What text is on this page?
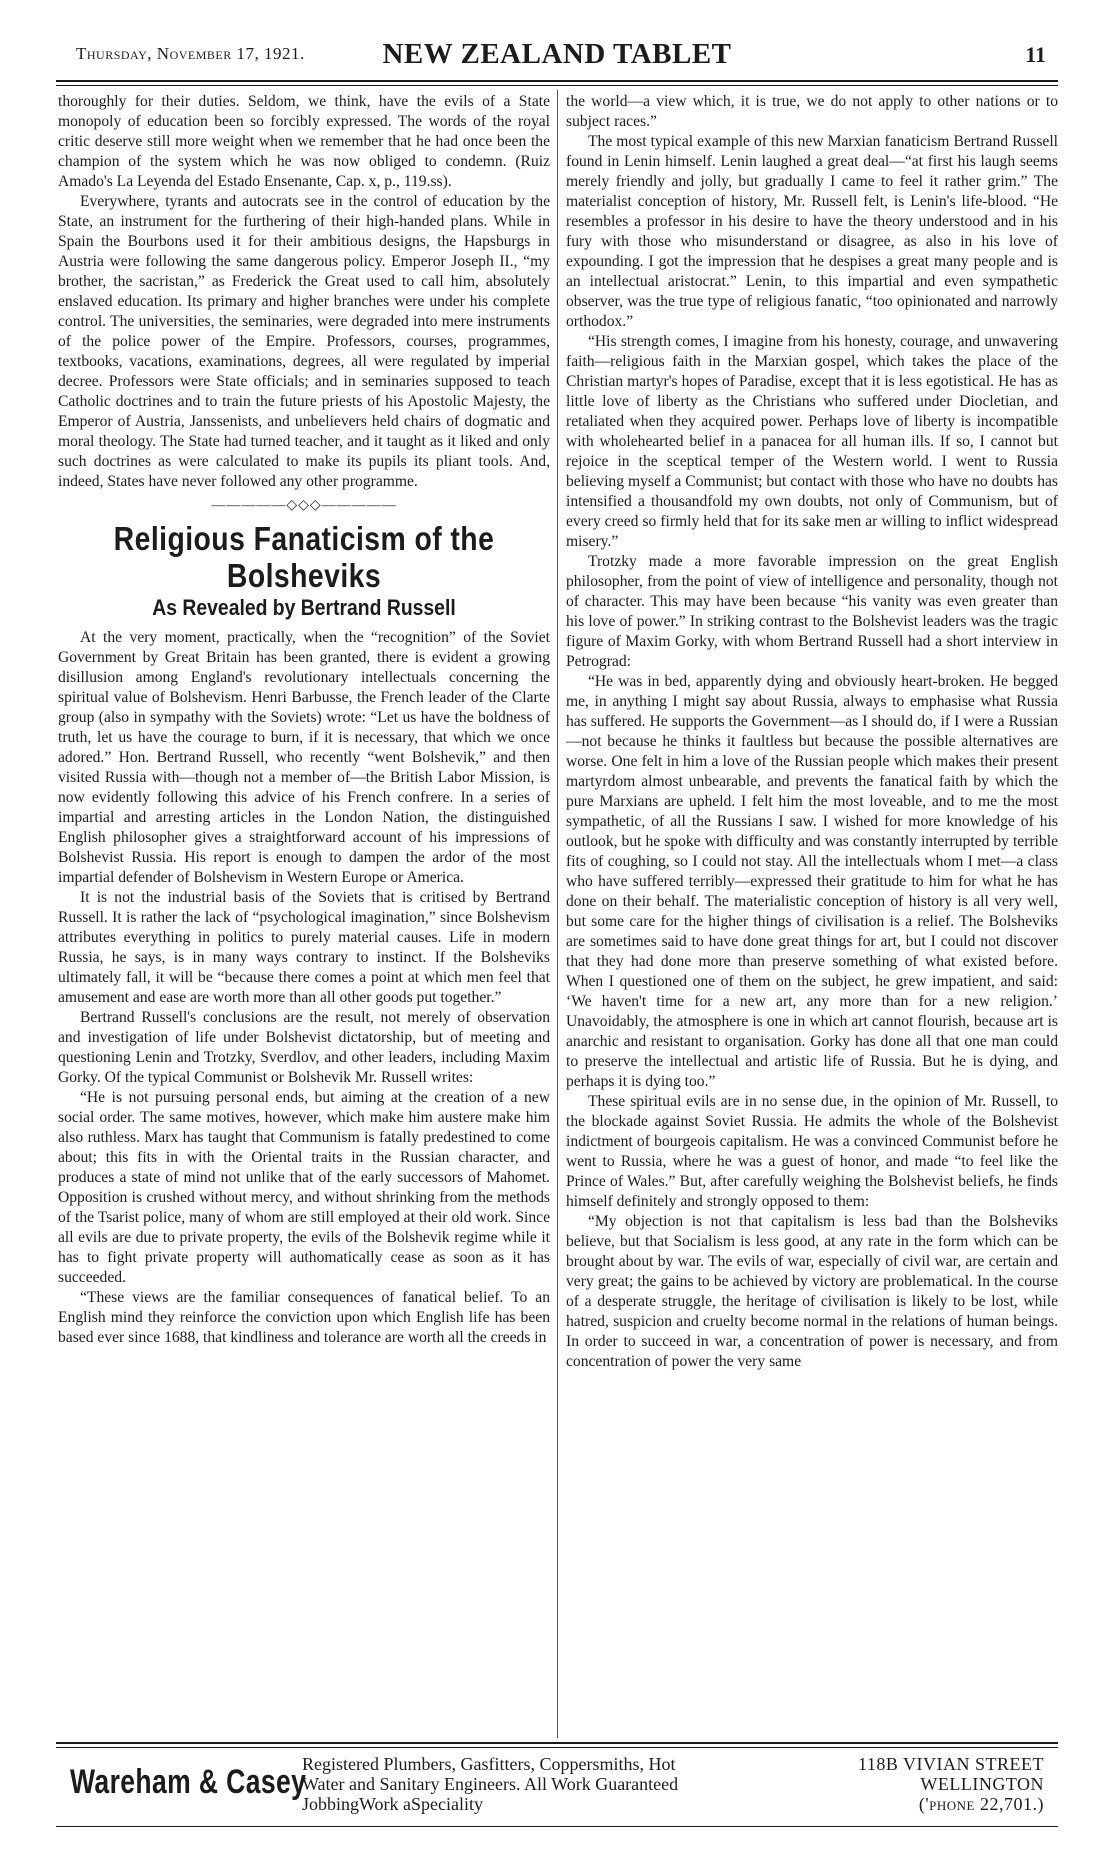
Thursday, November 17, 1921.	NEW ZEALAND TABLET	11

thoroughly for their duties. Seldom, we think, have the evils of a State monopoly of education been so forcibly expressed. The words of the royal critic deserve still more weight when we remember that he had once been the champion of the system which he was now obliged to condemn. (Ruiz Amado's La Leyenda del Estado Ensenante, Cap. x, p., 119.ss).

Everywhere, tyrants and autocrats see in the control of education by the State, an instrument for the furthering of their high-handed plans. While in Spain the Bourbons used it for their ambitious designs, the Hapsburgs in Austria were following the same dangerous policy. Emperor Joseph II., “my brother, the sacristan,” as Frederick the Great used to call him, absolutely enslaved education. Its primary and higher branches were under his complete control. The universities, the seminaries, were degraded into mere instruments of the police power of the Empire. Professors, courses, programmes, textbooks, vacations, examinations, degrees, all were regulated by imperial decree. Professors were State officials; and in seminaries supposed to teach Catholic doctrines and to train the future priests of his Apostolic Majesty, the Emperor of Austria, Janssenists, and unbelievers held chairs of dogmatic and moral theology. The State had turned teacher, and it taught as it liked and only such doctrines as were calculated to make its pupils its pliant tools. And, indeed, States have never followed any other programme.

—————◇◇◇—————
Religious Fanaticism of the Bolsheviks
As Revealed by Bertrand Russell

At the very moment, practically, when the “recognition” of the Soviet Government by Great Britain has been granted, there is evident a growing disillusion among England's revolutionary intellectuals concerning the spiritual value of Bolshevism. Henri Barbusse, the French leader of the Clarte group (also in sympathy with the Soviets) wrote: “Let us have the boldness of truth, let us have the courage to burn, if it is necessary, that which we once adored.” Hon. Bertrand Russell, who recently “went Bolshevik,” and then visited Russia with—though not a member of—the British Labor Mission, is now evidently following this advice of his French confrere. In a series of impartial and arresting articles in the London Nation, the distinguished English philosopher gives a straightforward account of his impressions of Bolshevist Russia. His report is enough to dampen the ardor of the most impartial defender of Bolshevism in Western Europe or America.

It is not the industrial basis of the Soviets that is critised by Bertrand Russell. It is rather the lack of “psychological imagination,” since Bolshevism attributes everything in politics to purely material causes. Life in modern Russia, he says, is in many ways contrary to instinct. If the Bolsheviks ultimately fall, it will be “because there comes a point at which men feel that amusement and ease are worth more than all other goods put together.”

Bertrand Russell's conclusions are the result, not merely of observation and investigation of life under Bolshevist dictatorship, but of meeting and questioning Lenin and Trotzky, Sverdlov, and other leaders, including Maxim Gorky. Of the typical Communist or Bolshevik Mr. Russell writes:

“He is not pursuing personal ends, but aiming at the creation of a new social order. The same motives, however, which make him austere make him also ruthless. Marx has taught that Communism is fatally predestined to come about; this fits in with the Oriental traits in the Russian character, and produces a state of mind not unlike that of the early successors of Mahomet. Opposition is crushed without mercy, and without shrinking from the methods of the Tsarist police, many of whom are still employed at their old work. Since all evils are due to private property, the evils of the Bolshevik regime while it has to fight private property will authomatically cease as soon as it has succeeded.

“These views are the familiar consequences of fanatical belief. To an English mind they reinforce the conviction upon which English life has been based ever since 1688, that kindliness and tolerance are worth all the creeds in

the world—a view which, it is true, we do not apply to other nations or to subject races.”

The most typical example of this new Marxian fanaticism Bertrand Russell found in Lenin himself. Lenin laughed a great deal—“at first his laugh seems merely friendly and jolly, but gradually I came to feel it rather grim.” The materialist conception of history, Mr. Russell felt, is Lenin's life-blood. “He resembles a professor in his desire to have the theory understood and in his fury with those who misunderstand or disagree, as also in his love of expounding. I got the impression that he despises a great many people and is an intellectual aristocrat.” Lenin, to this impartial and even sympathetic observer, was the true type of religious fanatic, “too opinionated and narrowly orthodox.”

“His strength comes, I imagine from his honesty, courage, and unwavering faith—religious faith in the Marxian gospel, which takes the place of the Christian martyr's hopes of Paradise, except that it is less egotistical. He has as little love of liberty as the Christians who suffered under Diocletian, and retaliated when they acquired power. Perhaps love of liberty is incompatible with wholehearted belief in a panacea for all human ills. If so, I cannot but rejoice in the sceptical temper of the Western world. I went to Russia believing myself a Communist; but contact with those who have no doubts has intensified a thousandfold my own doubts, not only of Communism, but of every creed so firmly held that for its sake men ar willing to inflict widespread misery.”

Trotzky made a more favorable impression on the great English philosopher, from the point of view of intelligence and personality, though not of character. This may have been because “his vanity was even greater than his love of power.” In striking contrast to the Bolshevist leaders was the tragic figure of Maxim Gorky, with whom Bertrand Russell had a short interview in Petrograd:

“He was in bed, apparently dying and obviously heart-broken. He begged me, in anything I might say about Russia, always to emphasise what Russia has suffered. He supports the Government—as I should do, if I were a Russian—not because he thinks it faultless but because the possible alternatives are worse. One felt in him a love of the Russian people which makes their present martyrdom almost unbearable, and prevents the fanatical faith by which the pure Marxians are upheld. I felt him the most loveable, and to me the most sympathetic, of all the Russians I saw. I wished for more knowledge of his outlook, but he spoke with difficulty and was constantly interrupted by terrible fits of coughing, so I could not stay. All the intellectuals whom I met—a class who have suffered terribly—expressed their gratitude to him for what he has done on their behalf. The materialistic conception of history is all very well, but some care for the higher things of civilisation is a relief. The Bolsheviks are sometimes said to have done great things for art, but I could not discover that they had done more than preserve something of what existed before. When I questioned one of them on the subject, he grew impatient, and said: ‘We haven't time for a new art, any more than for a new religion.’ Unavoidably, the atmosphere is one in which art cannot flourish, because art is anarchic and resistant to organisation. Gorky has done all that one man could to preserve the intellectual and artistic life of Russia. But he is dying, and perhaps it is dying too.”

These spiritual evils are in no sense due, in the opinion of Mr. Russell, to the blockade against Soviet Russia. He admits the whole of the Bolshevist indictment of bourgeois capitalism. He was a convinced Communist before he went to Russia, where he was a guest of honor, and made “to feel like the Prince of Wales.” But, after carefully weighing the Bolshevist beliefs, he finds himself definitely and strongly opposed to them:

“My objection is not that capitalism is less bad than the Bolsheviks believe, but that Socialism is less good, at any rate in the form which can be brought about by war. The evils of war, especially of civil war, are certain and very great; the gains to be achieved by victory are problematical. In the course of a desperate struggle, the heritage of civilisation is likely to be lost, while hatred, suspicion and cruelty become normal in the relations of human beings. In order to succeed in war, a concentration of power is necessary, and from concentration of power the very same

Wareham & Casey
Registered Plumbers, Gasfitters, Coppersmiths, Hot
Water and Sanitary Engineers. All Work Guaranteed
JobbingWork aSpeciality
118B VIVIAN STREET
WELLINGTON
('phone 22,701.)
